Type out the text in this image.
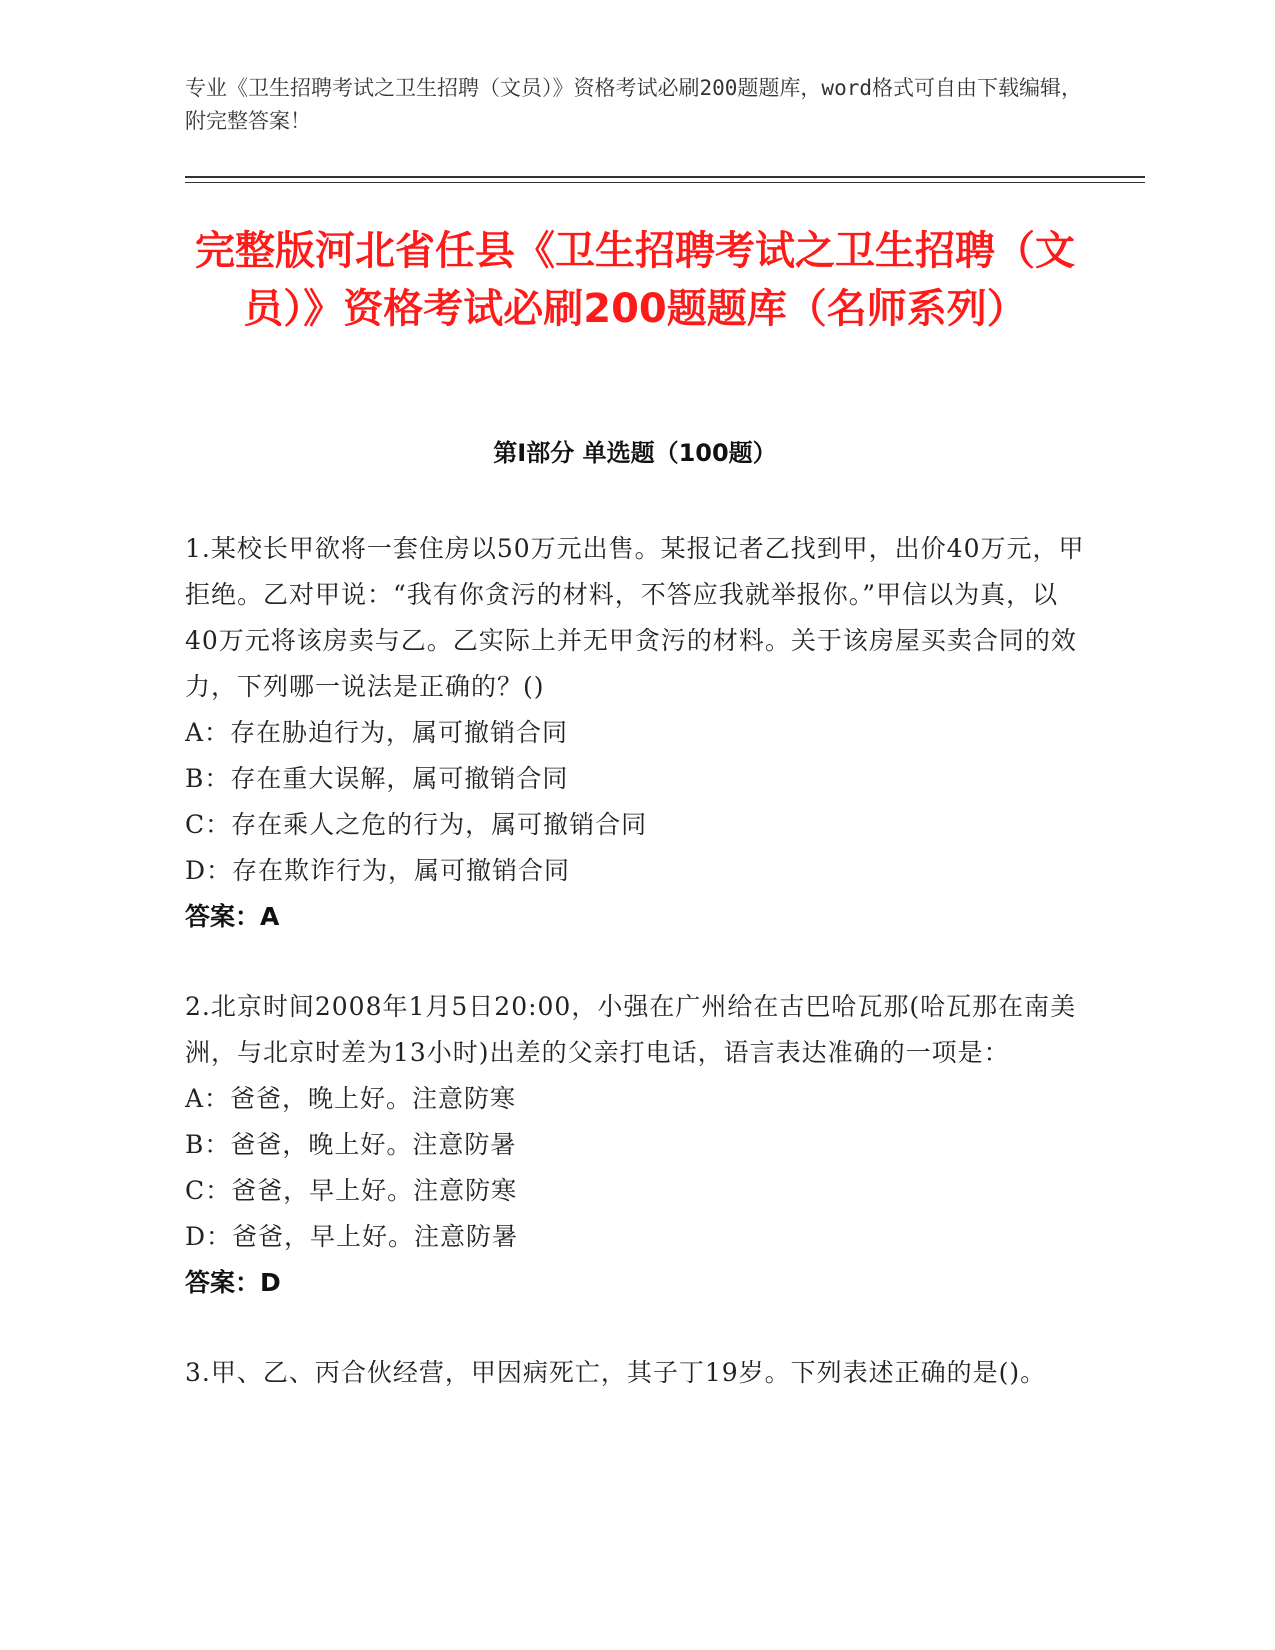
专业《卫生招聘考试之卫生招聘（文员）》资格考试必刷200题题库，word格式可自由下载编辑，附完整答案！
完整版河北省任县《卫生招聘考试之卫生招聘（文员）》资格考试必刷200题题库（名师系列）
第Ⅰ部分 单选题（100题）
1.某校长甲欲将一套住房以50万元出售。某报记者乙找到甲，出价40万元，甲拒绝。乙对甲说：“我有你贪污的材料，不答应我就举报你。”甲信以为真，以40万元将该房卖与乙。乙实际上并无甲贪污的材料。关于该房屋买卖合同的效力，下列哪一说法是正确的？()
A：存在胁迫行为，属可撤销合同
B：存在重大误解，属可撤销合同
C：存在乘人之危的行为，属可撤销合同
D：存在欺诈行为，属可撤销合同
答案：A
2.北京时间2008年1月5日20:00，小强在广州给在古巴哈瓦那(哈瓦那在南美洲，与北京时差为13小时)出差的父亲打电话，语言表达准确的一项是：
A：爸爸，晚上好。注意防寒
B：爸爸，晚上好。注意防暑
C：爸爸，早上好。注意防寒
D：爸爸，早上好。注意防暑
答案：D
3.甲、乙、丙合伙经营，甲因病死亡，其子丁19岁。下列表述正确的是()。
